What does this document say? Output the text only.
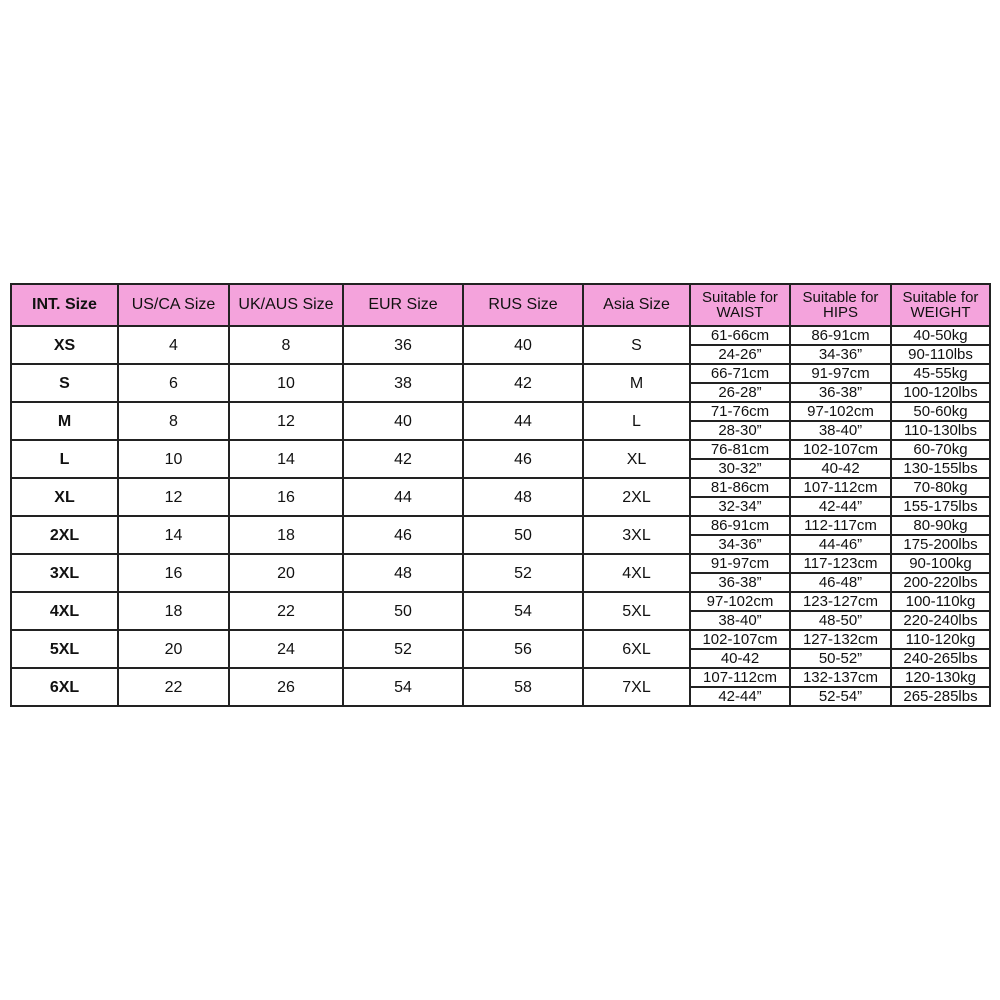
INT. Size	US/CA Size	UK/AUS Size	EUR Size	RUS Size	Asia Size	Suitable for WAIST	Suitable for HIPS	Suitable for WEIGHT
XS	4	8	36	40	S	61-66cm	86-91cm	40-50kg
						24-26”	34-36”	90-110lbs
S	6	10	38	42	M	66-71cm	91-97cm	45-55kg
						26-28”	36-38”	100-120lbs
M	8	12	40	44	L	71-76cm	97-102cm	50-60kg
						28-30”	38-40”	110-130lbs
L	10	14	42	46	XL	76-81cm	102-107cm	60-70kg
						30-32”	40-42	130-155lbs
XL	12	16	44	48	2XL	81-86cm	107-112cm	70-80kg
						32-34”	42-44”	155-175lbs
2XL	14	18	46	50	3XL	86-91cm	112-117cm	80-90kg
						34-36”	44-46”	175-200lbs
3XL	16	20	48	52	4XL	91-97cm	117-123cm	90-100kg
						36-38”	46-48”	200-220lbs
4XL	18	22	50	54	5XL	97-102cm	123-127cm	100-110kg
						38-40”	48-50”	220-240lbs
5XL	20	24	52	56	6XL	102-107cm	127-132cm	110-120kg
						40-42	50-52”	240-265lbs
6XL	22	26	54	58	7XL	107-112cm	132-137cm	120-130kg
						42-44”	52-54”	265-285lbs
